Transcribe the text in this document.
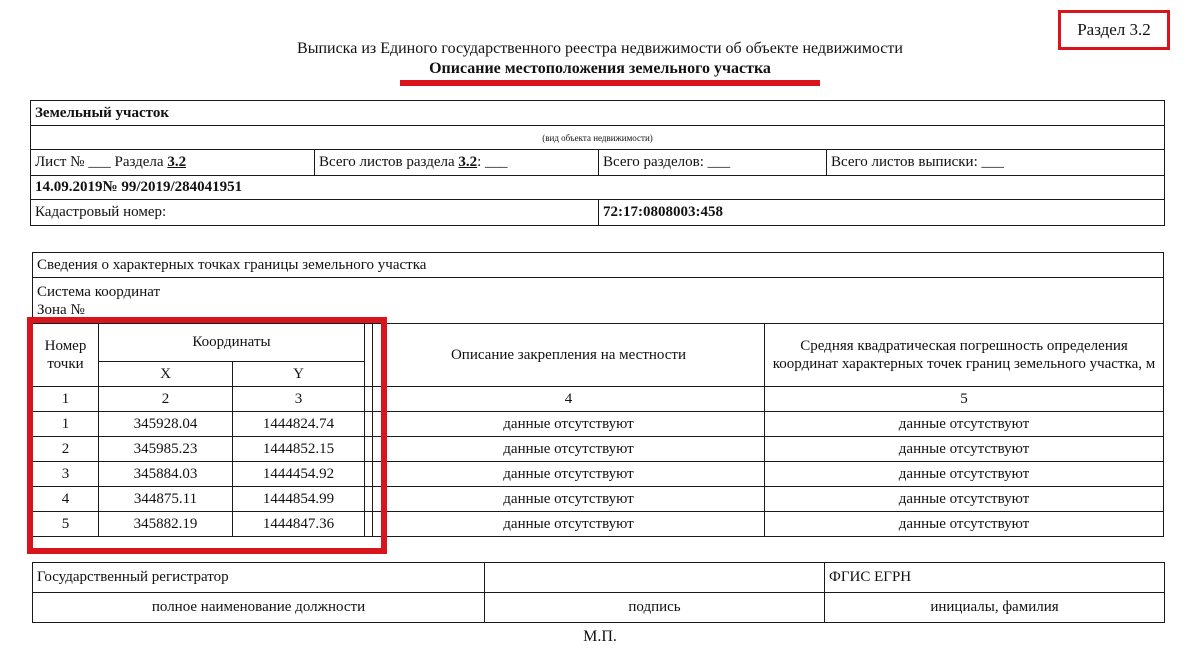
Раздел 3.2
Выписка из Единого государственного реестра недвижимости об объекте недвижимости
Описание местоположения земельного участка
Земельный участок			
(вид объекта недвижимости)			
Лист № ___ Раздела 3.2	Всего листов раздела 3.2: ___	Всего разделов: ___	Всего листов выписки: ___
14.09.2019№ 99/2019/284041951			
Кадастровый номер:		72:17:0808003:458	
Сведения о характерных точках границы земельного участка					

Система координат
Зона №					

Номер точки	Координаты			Описание закрепления на местности	Средняя квадратическая погрешность определения координат характерных точек границ земельного участка, м
	X	Y			
1	2	3		4	5
1	345928.04	1444824.74		данные отсутствуют	данные отсутствуют
2	345985.23	1444852.15		данные отсутствуют	данные отсутствуют
3	345884.03	1444454.92		данные отсутствуют	данные отсутствуют
4	344875.11	1444854.99		данные отсутствуют	данные отсутствуют
5	345882.19	1444847.36		данные отсутствуют	данные отсутствуют
Государственный регистратор		ФГИС ЕГРН
полное наименование должности	подпись	инициалы, фамилия
М.П.
